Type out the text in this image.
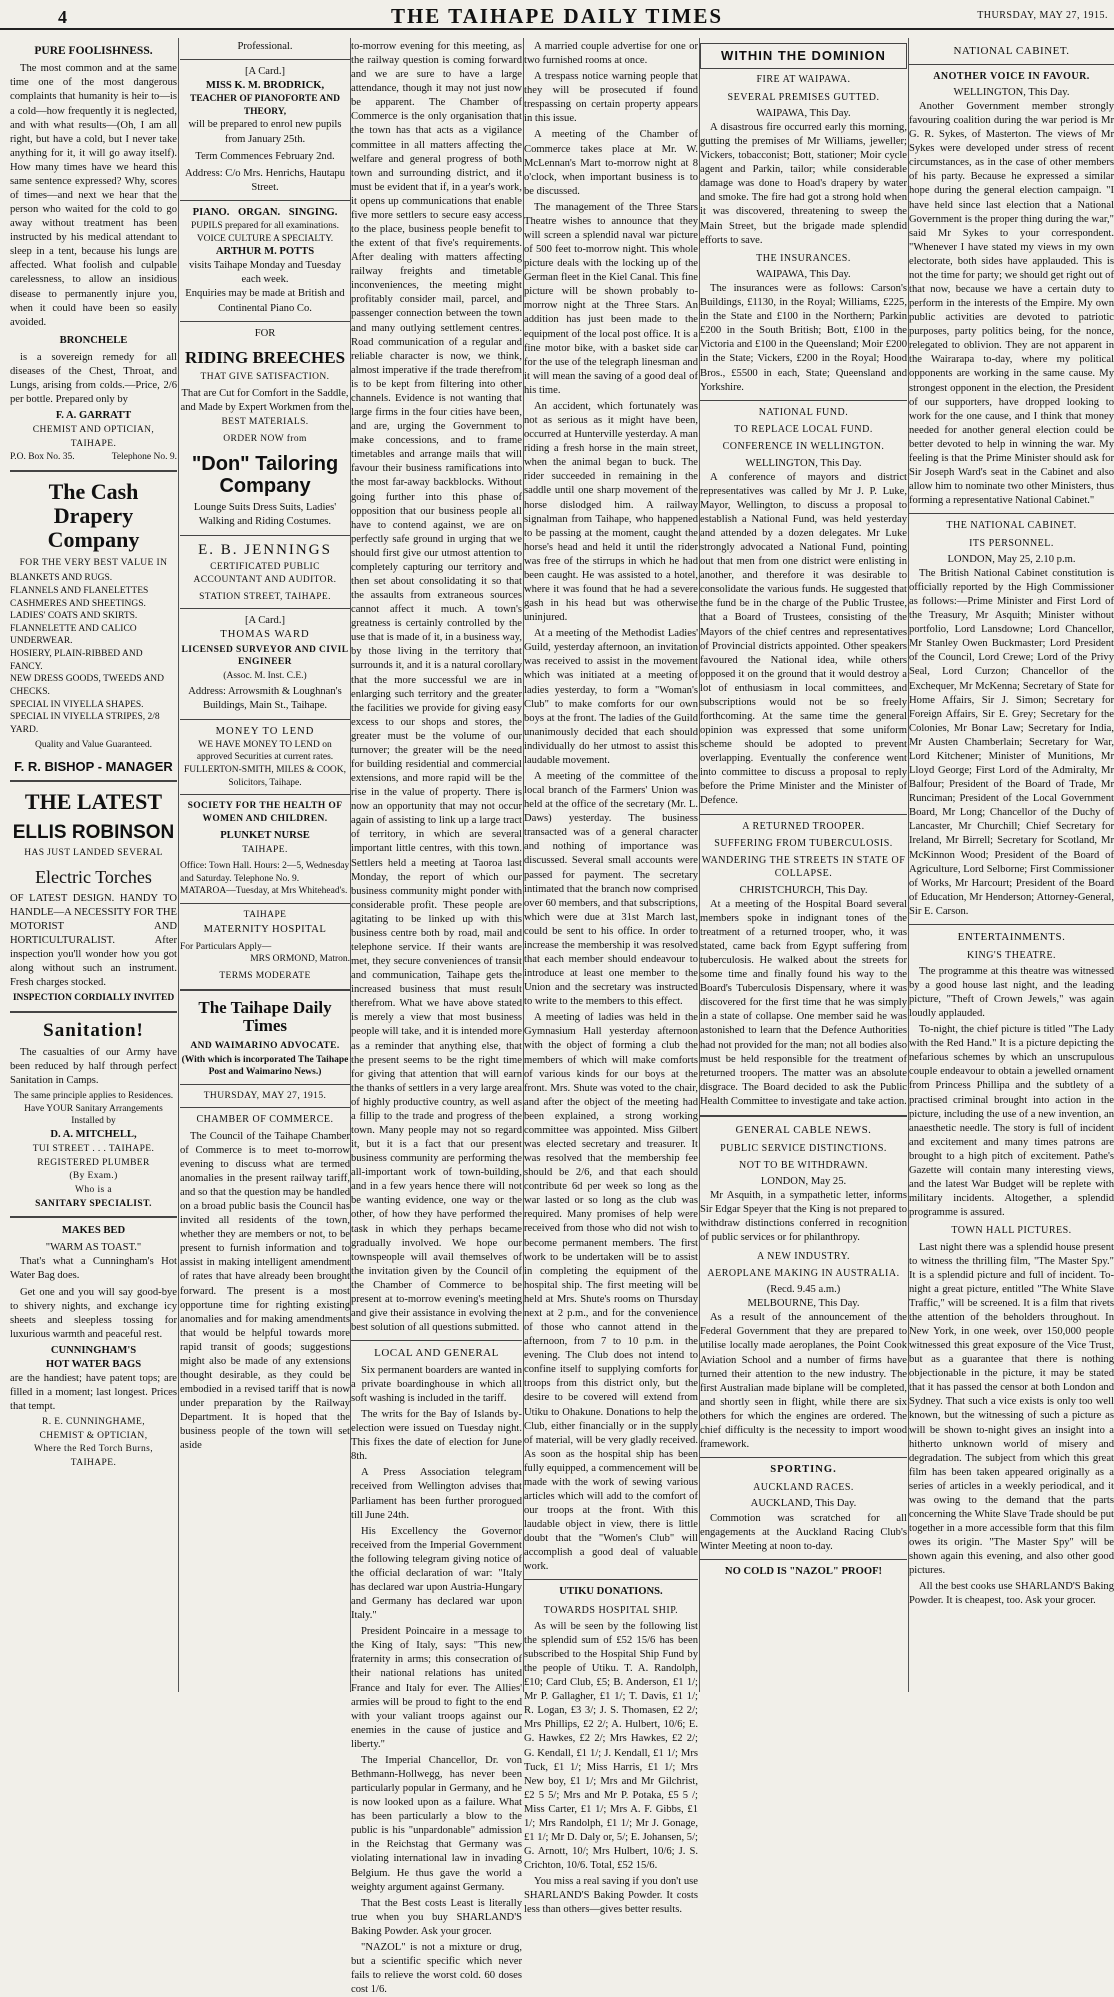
4	THE TAIHAPE DAILY TIMES	THURSDAY, MAY 27, 1915.
PURE FOOLISHNESS.

The most common and at the same time one of the most dangerous complaints that humanity is heir to—is a cold—how frequently it is neglected, and with what results—(Oh, I am all right, but have a cold, but I never take anything for it, it will go away itself). How many times have we heard this same sentence expressed? Why, scores of times—and next we hear that the person who waited for the cold to go away without treatment has been instructed by his medical attendant to sleep in a tent, because his lungs are affected. What foolish and culpable carelessness, to allow an insidious disease to permanently injure you, when it could have been so easily avoided.

BRONCHELE

is a sovereign remedy for all diseases of the Chest, Throat, and Lungs, arising from colds.—Price, 2/6 per bottle. Prepared only by

F. A. GARRATT
CHEMIST AND OPTICIAN,
TAIHAPE.
P.O. Box No. 35.	Telephone No. 9.
The Cash Drapery Company
FOR THE VERY BEST VALUE IN
BLANKETS AND RUGS.
FLANNELS AND FLANELETTES
CASHMERES AND SHEETINGS.
LADIES' COATS AND SKIRTS.
FLANNELETTE AND CALICO UNDERWEAR.
HOSIERY, PLAIN-RIBBED AND FANCY.
NEW DRESS GOODS, TWEEDS AND CHECKS.
SPECIAL IN VIYELLA SHAPES.
SPECIAL IN VIYELLA STRIPES, 2/8 YARD.
Quality and Value Guaranteed.
F. R. BISHOP - MANAGER
THE LATEST
ELLIS ROBINSON
HAS JUST LANDED SEVERAL
Electric Torches

OF LATEST DESIGN. HANDY TO HANDLE—A NECESSITY FOR THE MOTORIST AND HORTICULTURALIST. After inspection you'll wonder how you got along without such an instrument. Fresh charges stocked.

INSPECTION CORDIALLY INVITED
Sanitation!

The casualties of our Army have been reduced by half through perfect Sanitation in Camps.

The same principle applies to Residences.
Have YOUR Sanitary Arrangements Installed by
D. A. MITCHELL,
TUI STREET . . . TAIHAPE.
REGISTERED PLUMBER
(By Exam.)
Who is a
SANITARY SPECIALIST.
MAKES BED
"WARM AS TOAST."

That's what a Cunningham's Hot Water Bag does.

Get one and you will say good-bye to shivery nights, and exchange icy sheets and sleepless tossing for luxurious warmth and peaceful rest.

CUNNINGHAM'S
HOT WATER BAGS

are the handiest; have patent tops; are filled in a moment; last longest. Prices that tempt.

R. E. CUNNINGHAME,
CHEMIST & OPTICIAN,
Where the Red Torch Burns,
TAIHAPE.
Professional.
[A Card.]
MISS K. M. BRODRICK,
TEACHER OF PIANOFORTE AND THEORY,
will be prepared to enrol new pupils from January 25th.
Term Commences February 2nd.
Address: C/o Mrs. Henrichs, Hautapu Street.
PIANO. ORGAN. SINGING.
PUPILS prepared for all examinations.
VOICE CULTURE A SPECIALTY.
ARTHUR M. POTTS
visits Taihape Monday and Tuesday each week.
Enquiries may be made at British and Continental Piano Co.
FOR
RIDING BREECHES
THAT GIVE SATISFACTION.
That are Cut for Comfort in the Saddle, and Made by Expert Workmen from the
BEST MATERIALS.
ORDER NOW from
"Don" Tailoring Company
Lounge Suits Dress Suits, Ladies' Walking and Riding Costumes.
E. B. JENNINGS
CERTIFICATED PUBLIC ACCOUNTANT AND AUDITOR.
STATION STREET, TAIHAPE.
[A Card.]
THOMAS WARD
LICENSED SURVEYOR AND CIVIL ENGINEER
(Assoc. M. Inst. C.E.)
Address: Arrowsmith & Loughnan's Buildings, Main St., Taihape.
MONEY TO LEND
WE HAVE MONEY TO LEND on approved Securities at current rates.
FULLERTON-SMITH, MILES & COOK,
Solicitors, Taihape.
SOCIETY FOR THE HEALTH OF WOMEN AND CHILDREN.
PLUNKET NURSE
TAIHAPE.
Office: Town Hall. Hours: 2—5, Wednesday and Saturday. Telephone No. 9.
MATAROA—Tuesday, at Mrs Whitehead's.
TAIHAPE
MATERNITY HOSPITAL
For Particulars Apply—
MRS ORMOND, Matron.
TERMS MODERATE
The Taihape Daily Times
AND WAIMARINO ADVOCATE.
(With which is incorporated The Taihape Post and Waimarino News.)
THURSDAY, MAY 27, 1915.
CHAMBER OF COMMERCE.

The Council of the Taihape Chamber of Commerce is to meet to-morrow evening to discuss what are termed anomalies in the present railway tariff, and so that the question may be handled on a broad public basis the Council has invited all residents of the town, whether they are members or not, to be present to furnish information and to assist in making intelligent amendment of rates that have already been brought forward. The present is a most opportune time for righting existing anomalies and for making amendments that would be helpful towards more rapid transit of goods; suggestions might also be made of any extensions thought desirable, as they could be embodied in a revised tariff that is now under preparation by the Railway Department. It is hoped that the business people of the town will set aside

to-morrow evening for this meeting, as the railway question is coming forward and we are sure to have a large attendance, though it may not just now be apparent. The Chamber of Commerce is the only organisation that the town has that acts as a vigilance committee in all matters affecting the welfare and general progress of both town and surrounding district, and it must be evident that if, in a year's work, it opens up communications that enable five more settlers to secure easy access to the place, business people benefit to the extent of that five's requirements. After dealing with matters affecting railway freights and timetable inconveniences, the meeting might profitably consider mail, parcel, and passenger connection between the town and many outlying settlement centres. Road communication of a regular and reliable character is now, we think, almost imperative if the trade therefrom is to be kept from filtering into other channels. Evidence is not wanting that large firms in the four cities have been, and are, urging the Government to make concessions, and to frame timetables and arrange mails that will favour their business ramifications into the most far-away backblocks. Without going further into this phase of opposition that our business people all have to contend against, we are on perfectly safe ground in urging that we should first give our utmost attention to completely capturing our territory and then set about consolidating it so that the assaults from extraneous sources cannot affect it much. A town's greatness is certainly controlled by the use that is made of it, in a business way, by those living in the territory that surrounds it, and it is a natural corollary that the more successful we are in enlarging such territory and the greater the facilities we provide for giving easy excess to our shops and stores, the greater must be the volume of our turnover; the greater will be the need for building residential and commercial extensions, and more rapid will be the rise in the value of property. There is now an opportunity that may not occur again of assisting to link up a large tract of territory, in which are several important little centres, with this town. Settlers held a meeting at Taoroa last Monday, the report of which our business community might ponder with considerable profit. These people are agitating to be linked up with this business centre both by road, mail and telephone service. If their wants are met, they secure conveniences of transit and communication, Taihape gets the increased business that must result therefrom. What we have above stated is merely a view that most business people will take, and it is intended more as a reminder that anything else, that the present seems to be the right time for giving that attention that will earn the thanks of settlers in a very large area of highly productive country, as well as a fillip to the trade and progress of the town. Many people may not so regard it, but it is a fact that our present business community are performing the all-important work of town-building, and in a few years hence there will not be wanting evidence, one way or the other, of how they have performed the task in which they perhaps became gradually involved. We hope our townspeople will avail themselves of the invitation given by the Council of the Chamber of Commerce to be present at to-morrow evening's meeting and give their assistance in evolving the best solution of all questions submitted.

LOCAL AND GENERAL

Six permanent boarders are wanted in a private boardinghouse in which all soft washing is included in the tariff.

The writs for the Bay of Islands by-election were issued on Tuesday night. This fixes the date of election for June 8th.

A Press Association telegram received from Wellington advises that Parliament has been further prorogued till June 24th.

His Excellency the Governor received from the Imperial Government the following telegram giving notice of the official declaration of war: "Italy has declared war upon Austria-Hungary and Germany has declared war upon Italy."

President Poincaire in a message to the King of Italy, says: "This new fraternity in arms; this consecration of their national relations has united France and Italy for ever. The Allies' armies will be proud to fight to the end with your valiant troops against our enemies in the cause of justice and liberty."

The Imperial Chancellor, Dr. von Bethmann-Hollwegg, has never been particularly popular in Germany, and he is now looked upon as a failure. What has been particularly a blow to the public is his "unpardonable" admission in the Reichstag that Germany was violating international law in invading Belgium. He thus gave the world a weighty argument against Germany.

That the Best costs Least is literally true when you buy SHARLAND'S Baking Powder. Ask your grocer.

"NAZOL" is not a mixture or drug, but a scientific specific which never fails to relieve the worst cold. 60 doses cost 1/6.

A married couple advertise for one or two furnished rooms at once.

A trespass notice warning people that they will be prosecuted if found trespassing on certain property appears in this issue.

A meeting of the Chamber of Commerce takes place at Mr. W. McLennan's Mart to-morrow night at 8 o'clock, when important business is to be discussed.

The management of the Three Stars Theatre wishes to announce that they will screen a splendid naval war picture of 500 feet to-morrow night. This whole picture deals with the locking up of the German fleet in the Kiel Canal. This fine picture will be shown probably to-morrow night at the Three Stars. An addition has just been made to the equipment of the local post office. It is a fine motor bike, with a basket side car for the use of the telegraph linesman and it will mean the saving of a good deal of his time.

An accident, which fortunately was not as serious as it might have been, occurred at Hunterville yesterday. A man riding a fresh horse in the main street, when the animal began to buck. The rider succeeded in remaining in the saddle until one sharp movement of the horse dislodged him. A railway signalman from Taihape, who happened to be passing at the moment, caught the horse's head and held it until the rider was free of the stirrups in which he had been caught. He was assisted to a hotel, where it was found that he had a severe gash in his head but was otherwise uninjured.

At a meeting of the Methodist Ladies' Guild, yesterday afternoon, an invitation was received to assist in the movement which was initiated at a meeting of ladies yesterday, to form a "Woman's Club" to make comforts for our own boys at the front. The ladies of the Guild unanimously decided that each should individually do her utmost to assist this laudable movement.

A meeting of the committee of the local branch of the Farmers' Union was held at the office of the secretary (Mr. L. Daws) yesterday. The business transacted was of a general character and nothing of importance was discussed. Several small accounts were passed for payment. The secretary intimated that the branch now comprised over 60 members, and that subscriptions, which were due at 31st March last, could be sent to his office. In order to increase the membership it was resolved that each member should endeavour to introduce at least one member to the Union and the secretary was instructed to write to the members to this effect.

A meeting of ladies was held in the Gymnasium Hall yesterday afternoon with the object of forming a club the members of which will make comforts of various kinds for our boys at the front. Mrs. Shute was voted to the chair, and after the object of the meeting had been explained, a strong working committee was appointed. Miss Gilbert was elected secretary and treasurer. It was resolved that the membership fee should be 2/6, and that each should contribute 6d per week so long as the war lasted or so long as the club was required. Many promises of help were received from those who did not wish to become permanent members. The first work to be undertaken will be to assist in completing the equipment of the hospital ship. The first meeting will be held at Mrs. Shute's rooms on Thursday next at 2 p.m., and for the convenience of those who cannot attend in the afternoon, from 7 to 10 p.m. in the evening. The Club does not intend to confine itself to supplying comforts for troops from this district only, but the desire to be covered will extend from Utiku to Ohakune. Donations to help the Club, either financially or in the supply of material, will be very gladly received. As soon as the hospital ship has been fully equipped, a commencement will be made with the work of sewing various articles which will add to the comfort of our troops at the front. With this laudable object in view, there is little doubt that the "Women's Club" will accomplish a good deal of valuable work.

UTIKU DONATIONS.
TOWARDS HOSPITAL SHIP.

As will be seen by the following list the splendid sum of £52 15/6 has been subscribed to the Hospital Ship Fund by the people of Utiku. T. A. Randolph, £10; Card Club, £5; B. Anderson, £1 1/; Mr P. Gallagher, £1 1/; T. Davis, £1 1/; R. Logan, £3 3/; J. S. Thomasen, £2 2/; Mrs Phillips, £2 2/; A. Hulbert, 10/6; E. G. Hawkes, £2 2/; Mrs Hawkes, £2 2/; G. Kendall, £1 1/; J. Kendall, £1 1/; Mrs Tuck, £1 1/; Miss Harris, £1 1/; Mrs New boy, £1 1/; Mrs and Mr Gilchrist, £2 5 5/; Mrs and Mr P. Potaka, £5 5 /; Miss Carter, £1 1/; Mrs A. F. Gibbs, £1 1/; Mrs Randolph, £1 1/; Mr J. Gonage, £1 1/; Mr D. Daly or, 5/; E. Johansen, 5/; G. Arnott, 10/; Mrs Hulbert, 10/6; J. S. Crichton, 10/6. Total, £52 15/6.

You miss a real saving if you don't use SHARLAND'S Baking Powder. It costs less than others—gives better results.

WITHIN THE DOMINION
FIRE AT WAIPAWA.
SEVERAL PREMISES GUTTED.
WAIPAWA, This Day.

A disastrous fire occurred early this morning, gutting the premises of Mr Williams, jeweller; Vickers, tobacconist; Bott, stationer; Moir cycle agent and Parkin, tailor; while considerable damage was done to Hoad's drapery by water and smoke. The fire had got a strong hold when it was discovered, threatening to sweep the Main Street, but the brigade made splendid efforts to save.

THE INSURANCES.
WAIPAWA, This Day.

The insurances were as follows: Carson's Buildings, £1130, in the Royal; Williams, £225, in the State and £100 in the Northern; Parkin £200 in the South British; Bott, £100 in the Victoria and £100 in the Queensland; Moir £200 in the State; Vickers, £200 in the Royal; Hood Bros., £5500 in each, State; Queensland and Yorkshire.

NATIONAL FUND.
TO REPLACE LOCAL FUND.
CONFERENCE IN WELLINGTON.
WELLINGTON, This Day.

A conference of mayors and district representatives was called by Mr J. P. Luke, Mayor, Wellington, to discuss a proposal to establish a National Fund, was held yesterday and attended by a dozen delegates. Mr Luke strongly advocated a National Fund, pointing out that men from one district were enlisting in another, and therefore it was desirable to consolidate the various funds. He suggested that the fund be in the charge of the Public Trustee, that a Board of Trustees, consisting of the Mayors of the chief centres and representatives of Provincial districts appointed. Other speakers favoured the National idea, while others opposed it on the ground that it would destroy a lot of enthusiasm in local committees, and subscriptions would not be so freely forthcoming. At the same time the general opinion was expressed that some uniform scheme should be adopted to prevent overlapping. Eventually the conference went into committee to discuss a proposal to reply before the Prime Minister and the Minister of Defence.

A RETURNED TROOPER.
SUFFERING FROM TUBERCULOSIS.
WANDERING THE STREETS IN STATE OF COLLAPSE.
CHRISTCHURCH, This Day.

At a meeting of the Hospital Board several members spoke in indignant tones of the treatment of a returned trooper, who, it was stated, came back from Egypt suffering from tuberculosis. He walked about the streets for some time and finally found his way to the Board's Tuberculosis Dispensary, where it was discovered for the first time that he was simply in a state of collapse. One member said he was astonished to learn that the Defence Authorities had not provided for the man; not all bodies also must be held responsible for the treatment of returned troopers. The matter was an absolute disgrace. The Board decided to ask the Public Health Committee to investigate and take action.

GENERAL CABLE NEWS.
PUBLIC SERVICE DISTINCTIONS.
NOT TO BE WITHDRAWN.
LONDON, May 25.

Mr Asquith, in a sympathetic letter, informs Sir Edgar Speyer that the King is not prepared to withdraw distinctions conferred in recognition of public services or for philanthropy.

A NEW INDUSTRY.
AEROPLANE MAKING IN AUSTRALIA.
(Recd. 9.45 a.m.)
MELBOURNE, This Day.

As a result of the announcement of the Federal Government that they are prepared to utilise locally made aeroplanes, the Point Cook Aviation School and a number of firms have turned their attention to the new industry. The first Australian made biplane will be completed, and shortly seen in flight, while there are six others for which the engines are ordered. The chief difficulty is the necessity to import wood framework.

SPORTING.
AUCKLAND RACES.
AUCKLAND, This Day.

Commotion was scratched for all engagements at the Auckland Racing Club's Winter Meeting at noon to-day.

NO COLD IS "NAZOL" PROOF!
NATIONAL CABINET.
ANOTHER VOICE IN FAVOUR.
WELLINGTON, This Day.

Another Government member strongly favouring coalition during the war period is Mr G. R. Sykes, of Masterton. The views of Mr Sykes were developed under stress of recent circumstances, as in the case of other members of his party. Because he expressed a similar hope during the general election campaign. "I have held since last election that a National Government is the proper thing during the war," said Mr Sykes to your correspondent. "Whenever I have stated my views in my own electorate, both sides have applauded. This is not the time for party; we should get right out of that now, because we have a certain duty to perform in the interests of the Empire. My own public activities are devoted to patriotic purposes, party politics being, for the nonce, relegated to oblivion. They are not apparent in the Wairarapa to-day, where my political opponents are working in the same cause. My strongest opponent in the election, the President of our supporters, have dropped looking to work for the one cause, and I think that money needed for another general election could be better devoted to help in winning the war. My feeling is that the Prime Minister should ask for Sir Joseph Ward's seat in the Cabinet and also allow him to nominate two other Ministers, thus forming a representative National Cabinet."

THE NATIONAL CABINET.
ITS PERSONNEL.
LONDON, May 25, 2.10 p.m.

The British National Cabinet constitution is officially reported by the High Commissioner as follows:—Prime Minister and First Lord of the Treasury, Mr Asquith; Minister without portfolio, Lord Lansdowne; Lord Chancellor, Mr Stanley Owen Buckmaster; Lord President of the Council, Lord Crewe; Lord of the Privy Seal, Lord Curzon; Chancellor of the Exchequer, Mr McKenna; Secretary of State for Home Affairs, Sir J. Simon; Secretary for Foreign Affairs, Sir E. Grey; Secretary for the Colonies, Mr Bonar Law; Secretary for India, Mr Austen Chamberlain; Secretary for War, Lord Kitchener; Minister of Munitions, Mr Lloyd George; First Lord of the Admiralty, Mr Balfour; President of the Board of Trade, Mr Runciman; President of the Local Government Board, Mr Long; Chancellor of the Duchy of Lancaster, Mr Churchill; Chief Secretary for Ireland, Mr Birrell; Secretary for Scotland, Mr McKinnon Wood; President of the Board of Agriculture, Lord Selborne; First Commissioner of Works, Mr Harcourt; President of the Board of Education, Mr Henderson; Attorney-General, Sir E. Carson.

ENTERTAINMENTS.
KING'S THEATRE.

The programme at this theatre was witnessed by a good house last night, and the leading picture, "Theft of Crown Jewels," was again loudly applauded.

To-night, the chief picture is titled "The Lady with the Red Hand." It is a picture depicting the nefarious schemes by which an unscrupulous couple endeavour to obtain a jewelled ornament from Princess Phillipa and the subtlety of a practised criminal brought into action in the picture, including the use of a new invention, an anaesthetic needle. The story is full of incident and excitement and many times patrons are brought to a high pitch of excitement. Pathe's Gazette will contain many interesting views, and the latest War Budget will be replete with military incidents. Altogether, a splendid programme is assured.

TOWN HALL PICTURES.

Last night there was a splendid house present to witness the thrilling film, "The Master Spy." It is a splendid picture and full of incident. To-night a great picture, entitled "The White Slave Traffic," will be screened. It is a film that rivets the attention of the beholders throughout. In New York, in one week, over 150,000 people witnessed this great exposure of the Vice Trust, but as a guarantee that there is nothing objectionable in the picture, it may be stated that it has passed the censor at both London and Sydney. That such a vice exists is only too well known, but the witnessing of such a picture as will be shown to-night gives an insight into a hitherto unknown world of misery and degradation. The subject from which this great film has been taken appeared originally as a series of articles in a weekly periodical, and it was owing to the demand that the parts concerning the White Slave Trade should be put together in a more accessible form that this film owes its origin. "The Master Spy" will be shown again this evening, and also other good pictures.

All the best cooks use SHARLAND'S Baking Powder. It is cheapest, too. Ask your grocer.
